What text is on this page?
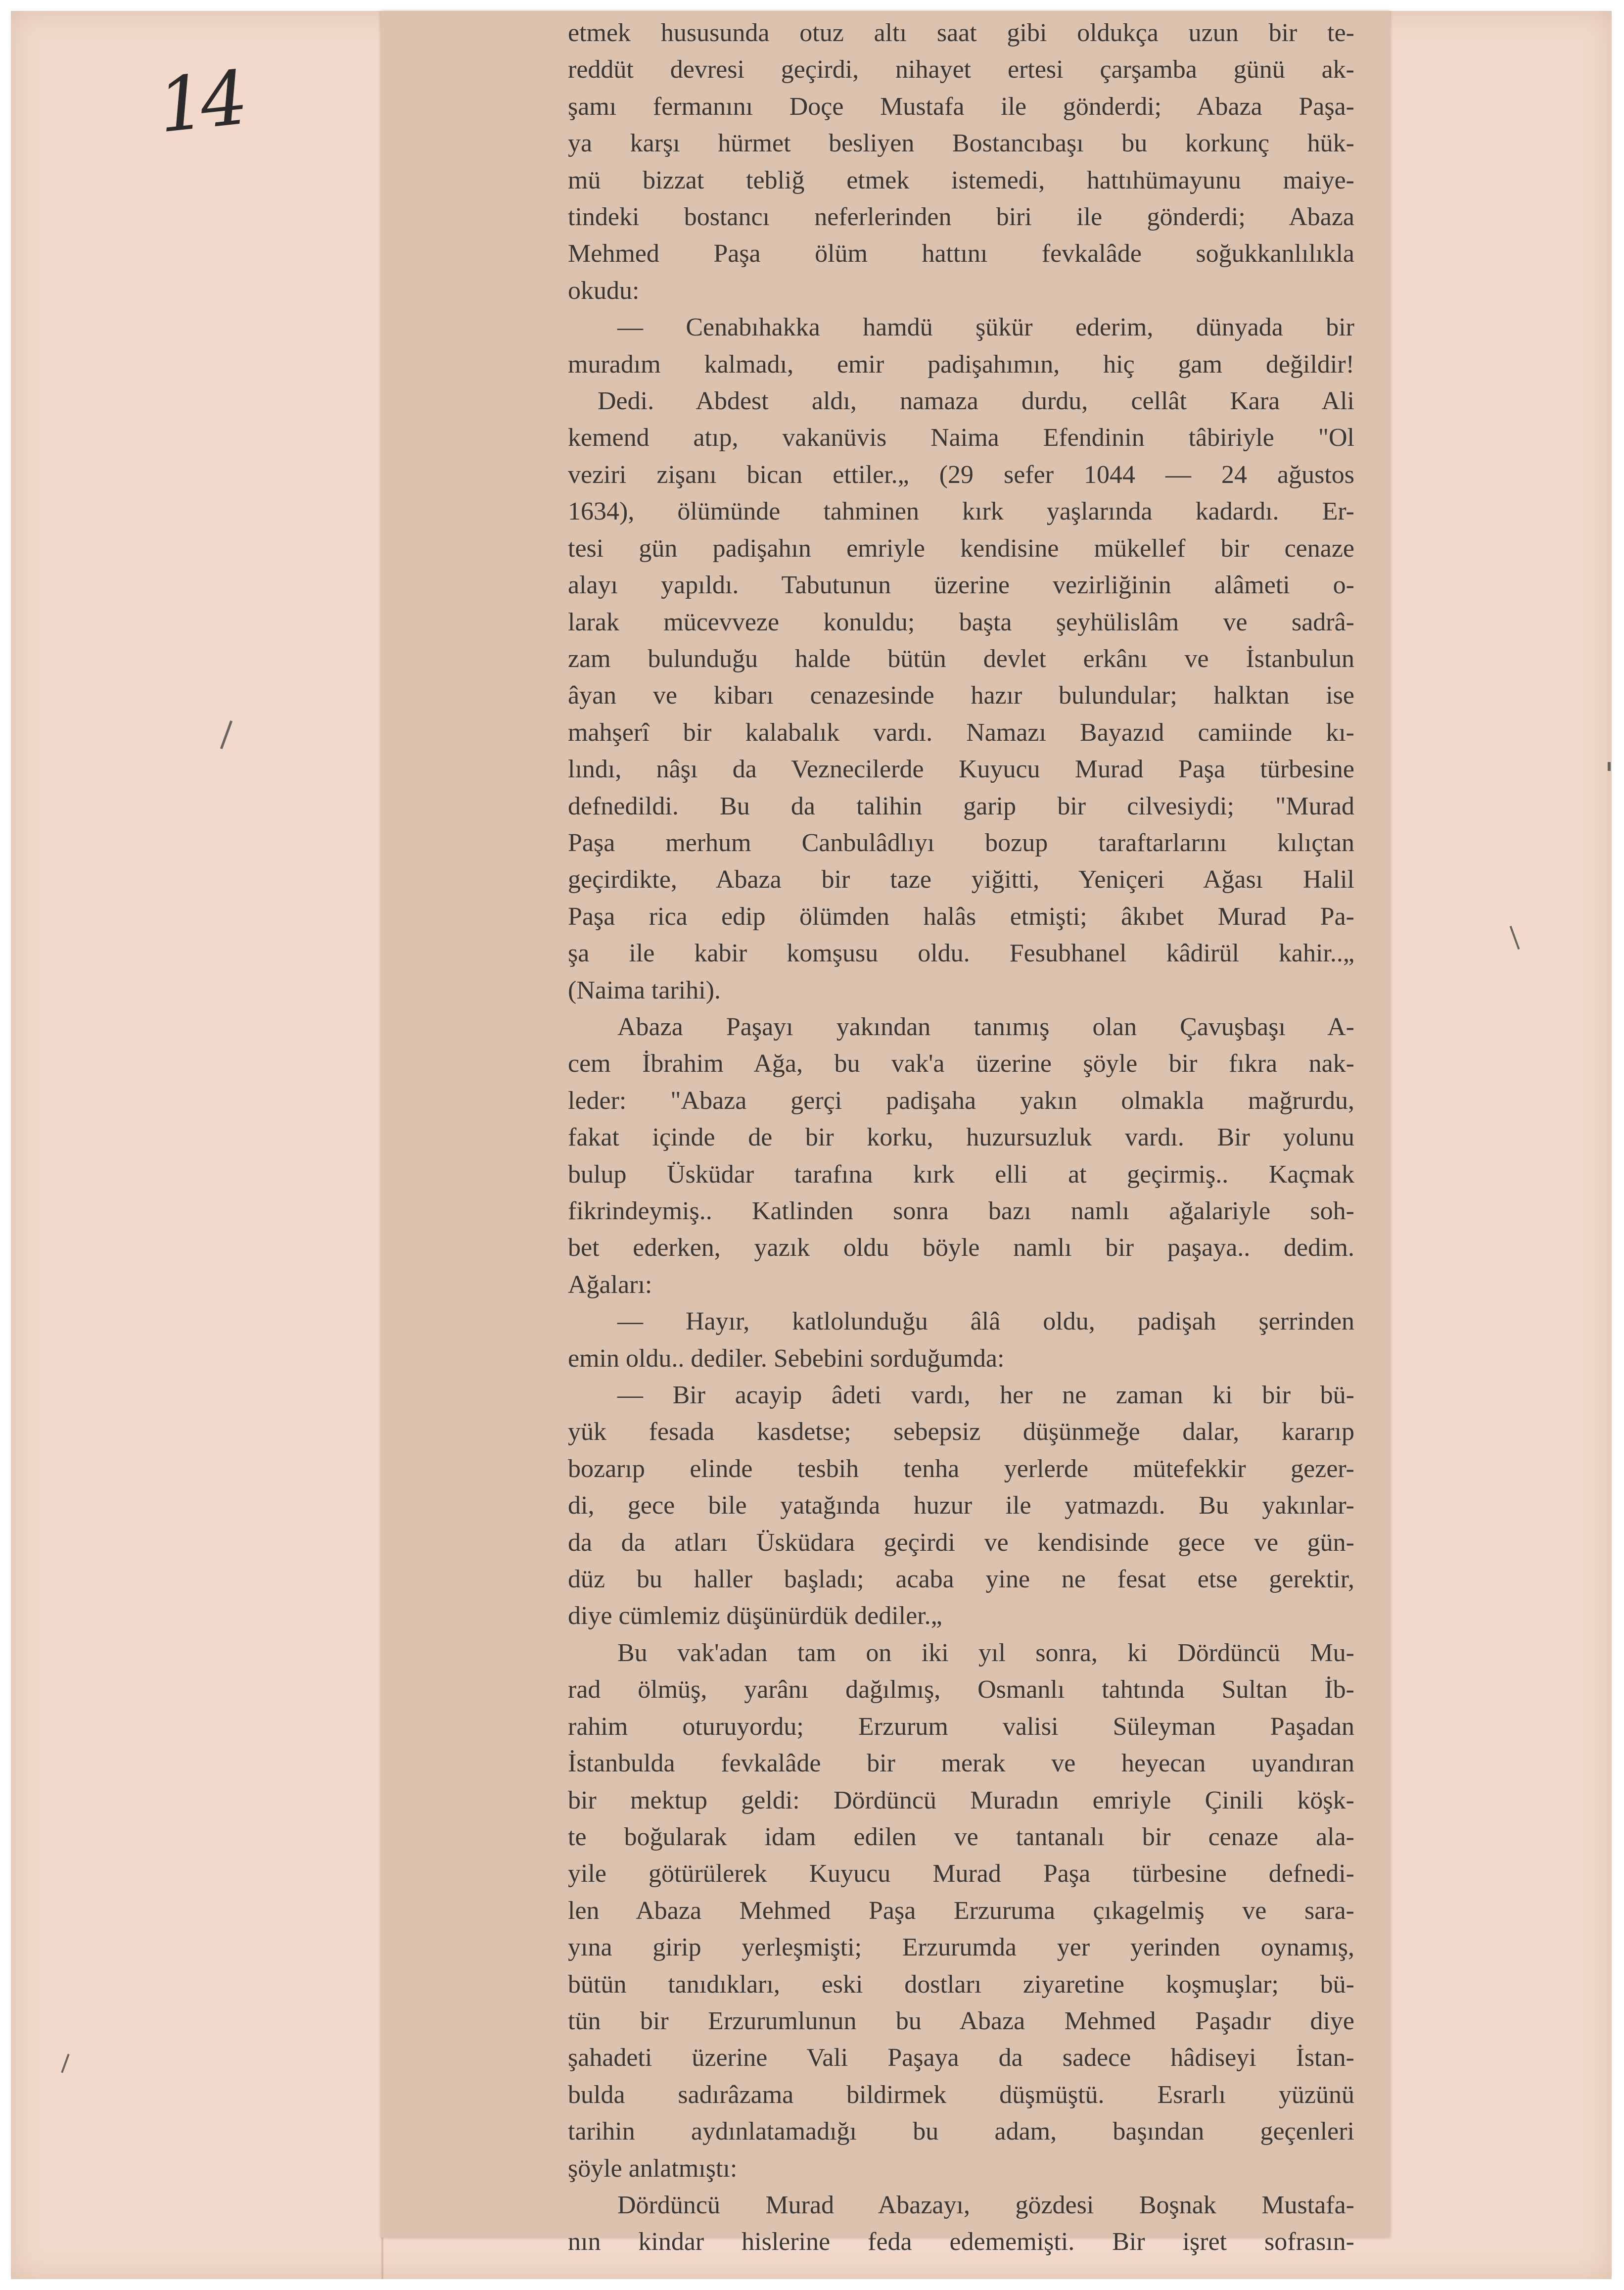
14
etmek hususunda otuz altı saat gibi oldukça uzun bir te-
reddüt devresi geçirdi, nihayet ertesi çarşamba günü ak-
şamı fermanını Doçe Mustafa ile gönderdi; Abaza Paşa-
ya karşı hürmet besliyen Bostancıbaşı bu korkunç hük-
mü bizzat tebliğ etmek istemedi, hattıhümayunu maiye-
tindeki bostancı neferlerinden biri ile gönderdi; Abaza
Mehmed Paşa ölüm hattını fevkalâde soğukkanlılıkla
okudu:
— Cenabıhakka hamdü şükür ederim, dünyada bir
muradım kalmadı, emir padişahımın, hiç gam değildir!
Dedi. Abdest aldı, namaza durdu, cellât Kara Ali
kemend atıp, vakanüvis Naima Efendinin tâbiriyle "Ol
veziri zişanı bican ettiler.„ (29 sefer 1044 — 24 ağustos
1634), ölümünde tahminen kırk yaşlarında kadardı. Er-
tesi gün padişahın emriyle kendisine mükellef bir cenaze
alayı yapıldı. Tabutunun üzerine vezirliğinin alâmeti o-
larak mücevveze konuldu; başta şeyhülislâm ve sadrâ-
zam bulunduğu halde bütün devlet erkânı ve İstanbulun
âyan ve kibarı cenazesinde hazır bulundular; halktan ise
mahşerî bir kalabalık vardı. Namazı Bayazıd camiinde kı-
lındı, nâşı da Veznecilerde Kuyucu Murad Paşa türbesine
defnedildi. Bu da talihin garip bir cilvesiydi; "Murad
Paşa merhum Canbulâdlıyı bozup taraftarlarını kılıçtan
geçirdikte, Abaza bir taze yiğitti, Yeniçeri Ağası Halil
Paşa rica edip ölümden halâs etmişti; âkıbet Murad Pa-
şa ile kabir komşusu oldu. Fesubhanel kâdirül kahir..„
(Naima tarihi).
Abaza Paşayı yakından tanımış olan Çavuşbaşı A-
cem İbrahim Ağa, bu vak'a üzerine şöyle bir fıkra nak-
leder: "Abaza gerçi padişaha yakın olmakla mağrurdu,
fakat içinde de bir korku, huzursuzluk vardı. Bir yolunu
bulup Üsküdar tarafına kırk elli at geçirmiş.. Kaçmak
fikrindeymiş.. Katlinden sonra bazı namlı ağalariyle soh-
bet ederken, yazık oldu böyle namlı bir paşaya.. dedim.
Ağaları:
— Hayır, katlolunduğu âlâ oldu, padişah şerrinden
emin oldu.. dediler. Sebebini sorduğumda:
— Bir acayip âdeti vardı, her ne zaman ki bir bü-
yük fesada kasdetse; sebepsiz düşünmeğe dalar, kararıp
bozarıp elinde tesbih tenha yerlerde mütefekkir gezer-
di, gece bile yatağında huzur ile yatmazdı. Bu yakınlar-
da da atları Üsküdara geçirdi ve kendisinde gece ve gün-
düz bu haller başladı; acaba yine ne fesat etse gerektir,
diye cümlemiz düşünürdük dediler.„
Bu vak'adan tam on iki yıl sonra, ki Dördüncü Mu-
rad ölmüş, yarânı dağılmış, Osmanlı tahtında Sultan İb-
rahim oturuyordu; Erzurum valisi Süleyman Paşadan
İstanbulda fevkalâde bir merak ve heyecan uyandıran
bir mektup geldi: Dördüncü Muradın emriyle Çinili köşk-
te boğularak idam edilen ve tantanalı bir cenaze ala-
yile götürülerek Kuyucu Murad Paşa türbesine defnedi-
len Abaza Mehmed Paşa Erzuruma çıkagelmiş ve sara-
yına girip yerleşmişti; Erzurumda yer yerinden oynamış,
bütün tanıdıkları, eski dostları ziyaretine koşmuşlar; bü-
tün bir Erzurumlunun bu Abaza Mehmed Paşadır diye
şahadeti üzerine Vali Paşaya da sadece hâdiseyi İstan-
bulda sadırâzama bildirmek düşmüştü. Esrarlı yüzünü
tarihin aydınlatamadığı bu adam, başından geçenleri
şöyle anlatmıştı:
Dördüncü Murad Abazayı, gözdesi Boşnak Mustafa-
nın kindar hislerine feda edememişti. Bir işret sofrasın-
